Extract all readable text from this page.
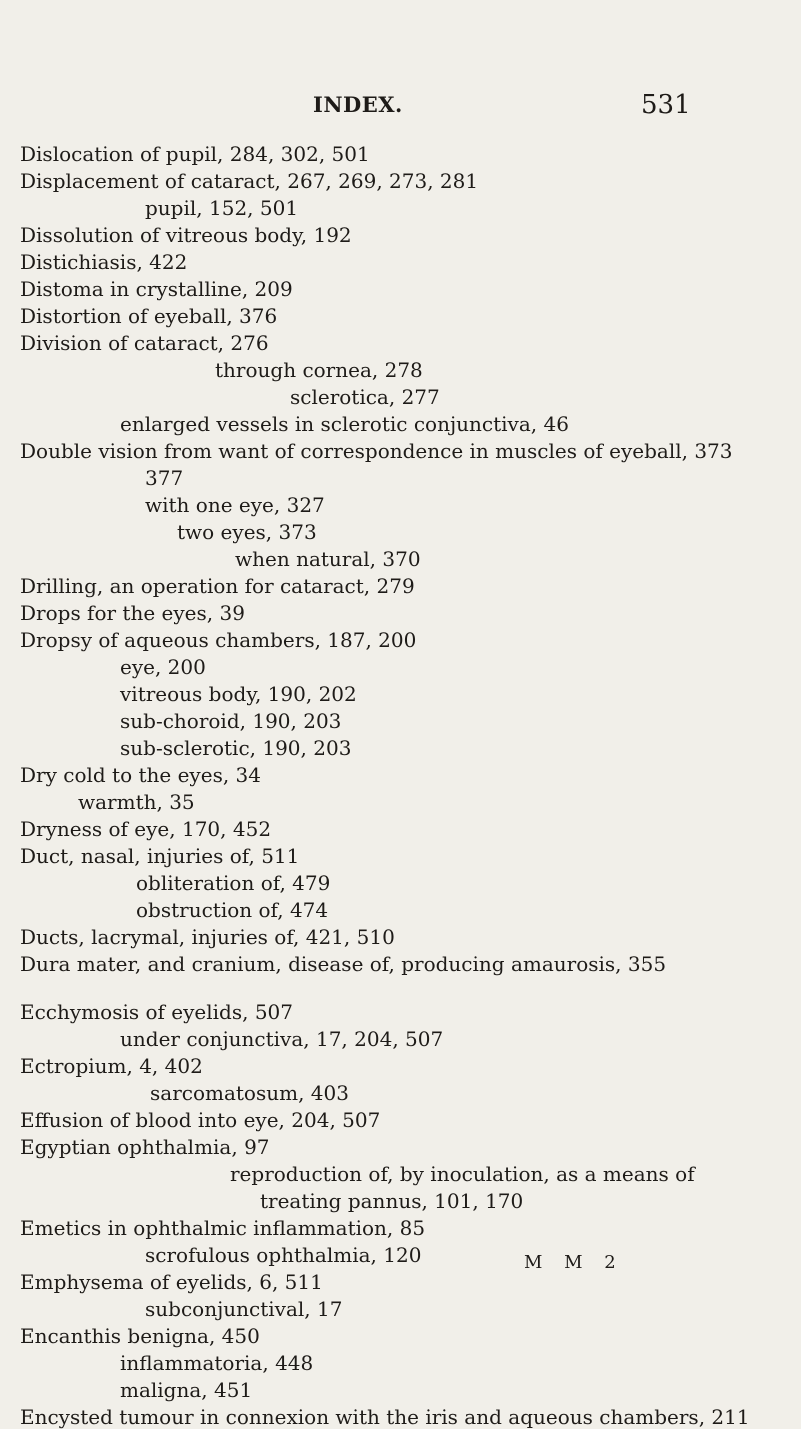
INDEX.	531
Dislocation of pupil, 284, 302, 501
Displacement of cataract, 267, 269, 273, 281
pupil, 152, 501
Dissolution of vitreous body, 192
Distichiasis, 422
Distoma in crystalline, 209
Distortion of eyeball, 376
Division of cataract, 276
through cornea, 278
sclerotica, 277
enlarged vessels in sclerotic conjunctiva, 46
Double vision from want of correspondence in muscles of eyeball, 373
377
with one eye, 327
two eyes, 373
when natural, 370
Drilling, an operation for cataract, 279
Drops for the eyes, 39
Dropsy of aqueous chambers, 187, 200
eye, 200
vitreous body, 190, 202
sub-choroid, 190, 203
sub-sclerotic, 190, 203
Dry cold to the eyes, 34
warmth, 35
Dryness of eye, 170, 452
Duct, nasal, injuries of, 511
obliteration of, 479
obstruction of, 474
Ducts, lacrymal, injuries of, 421, 510
Dura mater, and cranium, disease of, producing amaurosis, 355
Ecchymosis of eyelids, 507
under conjunctiva, 17, 204, 507
Ectropium, 4, 402
sarcomatosum, 403
Effusion of blood into eye, 204, 507
Egyptian ophthalmia, 97
reproduction of, by inoculation, as a means of
treating pannus, 101, 170
Emetics in ophthalmic inflammation, 85
scrofulous ophthalmia, 120
Emphysema of eyelids, 6, 511
subconjunctival, 17
Encanthis benigna, 450
inflammatoria, 448
maligna, 451
Encysted tumour in connexion with the iris and aqueous chambers, 211
M M 2
